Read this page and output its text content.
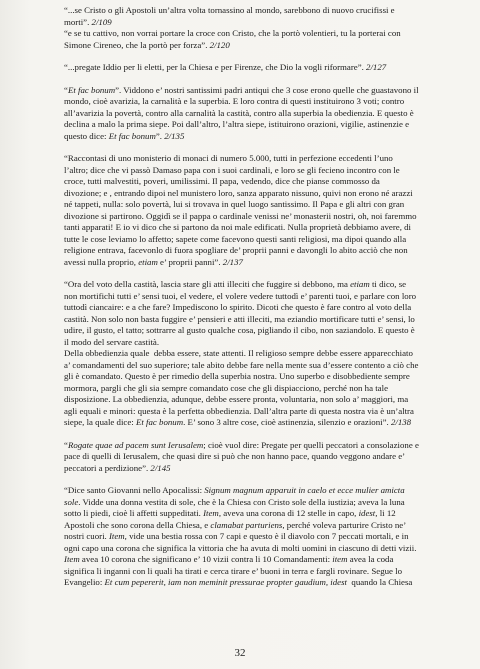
“...se Cristo o gli Apostoli un’altra volta tornassino al mondo, sarebbono di nuovo crucifissi e
morti”. 2/109
“e se tu cattivo, non vorrai portare la croce con Cristo, che la portò volentieri, tu la porterai con
Simone Cireneo, che la portò per forza”. 2/120
“...pregate Iddio per li eletti, per la Chiesa e per Firenze, che Dio la vogli riformare”. 2/127
“Et fac bonum”. Viddono e’ nostri santissimi padri antiqui che 3 cose erono quelle che guastavono il
mondo, cioè avarizia, la carnalità e la superbia. E loro contra di questi instituirono 3 voti; contro
all’avarizia la povertà, contro alla carnalità la castità, contro alla superbia la obedienzia. E questo è
declina a malo la prima siepe. Poi dall’altro, l’altra siepe, istituirono orazioni, vigilie, astinenzie e
questo dice: Et fac bonum”. 2/135
“Raccontasi di uno monisterio di monaci di numero 5.000, tutti in perfezione eccedenti l’uno
l’altro; dice che vi passò Damaso papa con i suoi cardinali, e loro se gli fecieno incontro con le
croce, tutti malvestiti, poveri, umilissimi. Il papa, vedendo, dice che pianse commosso da
divozione; e , entrando dipoi nel munistero loro, sanza apparato nissuno, quivi non erono né arazzi
né tappeti, nulla: solo povertà, lui si trovava in quel luogo santissimo. Il Papa e gli altri con gran
divozione si partirono. Oggidì se il pappa o cardinale venissi ne’ monasterii nostri, oh, noi faremmo
tanti apparati! E io vi dico che si partono da noi male edificati. Nulla proprietà debbiamo avere, di
tutte le cose leviamo lo affetto; sapete come facevono questi santi religiosi, ma dipoi quando alla
religione entrava, facevonlo di fuora spogliare de’ proprii panni e davongli lo abito acciò che non
avessi nulla proprio, etiam e’ proprii panni”. 2/137
“Ora del voto della castità, lascia stare gli atti illeciti che fuggire si debbono, ma etiam ti dico, se
non mortifichi tutti e’ sensi tuoi, el vedere, el volere vedere tuttodì e’ parenti tuoi, e parlare con loro
tuttodì ciancaire: e a che fare? Impediscono lo spirito. Dicoti che questo è fare contro al voto della
castità. Non solo non basta fuggire e’ pensieri e atti illeciti, ma eziandio mortificare tutti e’ sensi, lo
udire, il gusto, el tatto; sottrarre al gusto qualche cosa, pigliando il cibo, non saziandolo. E questo è
il modo del servare castità.
Della obbedienzia quale  debba essere, state attenti. Il religioso sempre debbe essere apparecchiato
a’ comandamenti del suo superiore; tale abito debbe fare nella mente sua d’essere contento a ciò che
gli è comandato. Questo è per rimedio della superbia nostra. Uno superbo e disobbediente sempre
mormora, pargli che gli sia sempre comandato cose che gli dispiacciono, perché non ha tale
disposizione. La obbedienzia, adunque, debbe essere pronta, voluntaria, non solo a’ maggiori, ma
agli equali e minori: questa è la perfetta obbedienzia. Dall’altra parte di questa nostra via è un’altra
siepe, la quale dice: Et fac bonum. E’ sono 3 altre cose, cioè astinenzia, silenzio e orazioni”. 2/138
“Rogate quae ad pacem sunt Ierusalem; cioè vuol dire: Pregate per quelli peccatori a consolazione e
pace di quelli di Ierusalem, che quasi dire si può che non hanno pace, quando veggono andare e’
peccatori a perdizione”. 2/145
“Dice santo Giovanni nello Apocalissi: Signum magnum apparuit in caelo et ecce mulier amicta
sole. Vidde una donna vestita di sole, che è la Chiesa con Cristo sole della iustizia; aveva la luna
sotto li piedi, cioè li affetti suppeditati. Item, aveva una corona di 12 stelle in capo, idest, li 12
Apostoli che sono corona della Chiesa, e clamabat parturiens, perché voleva parturire Cristo ne’
nostri cuori. Item, vide una bestia rossa con 7 capi e questo è il diavolo con 7 peccati mortali, e in
ogni capo una corona che significa la vittoria che ha avuta di molti uomini in ciascuno di detti vizii.
Item avea 10 corona che significano e’ 10 vizii contra li 10 Comandamenti: item avea la coda
significa li inganni con li quali ha tirati e cerca tirare e’ buoni in terra e fargli rovinare. Segue lo
Evangelio: Et cum pepererit, iam non meminit pressurae propter gaudium, idest  quando la Chiesa
32
